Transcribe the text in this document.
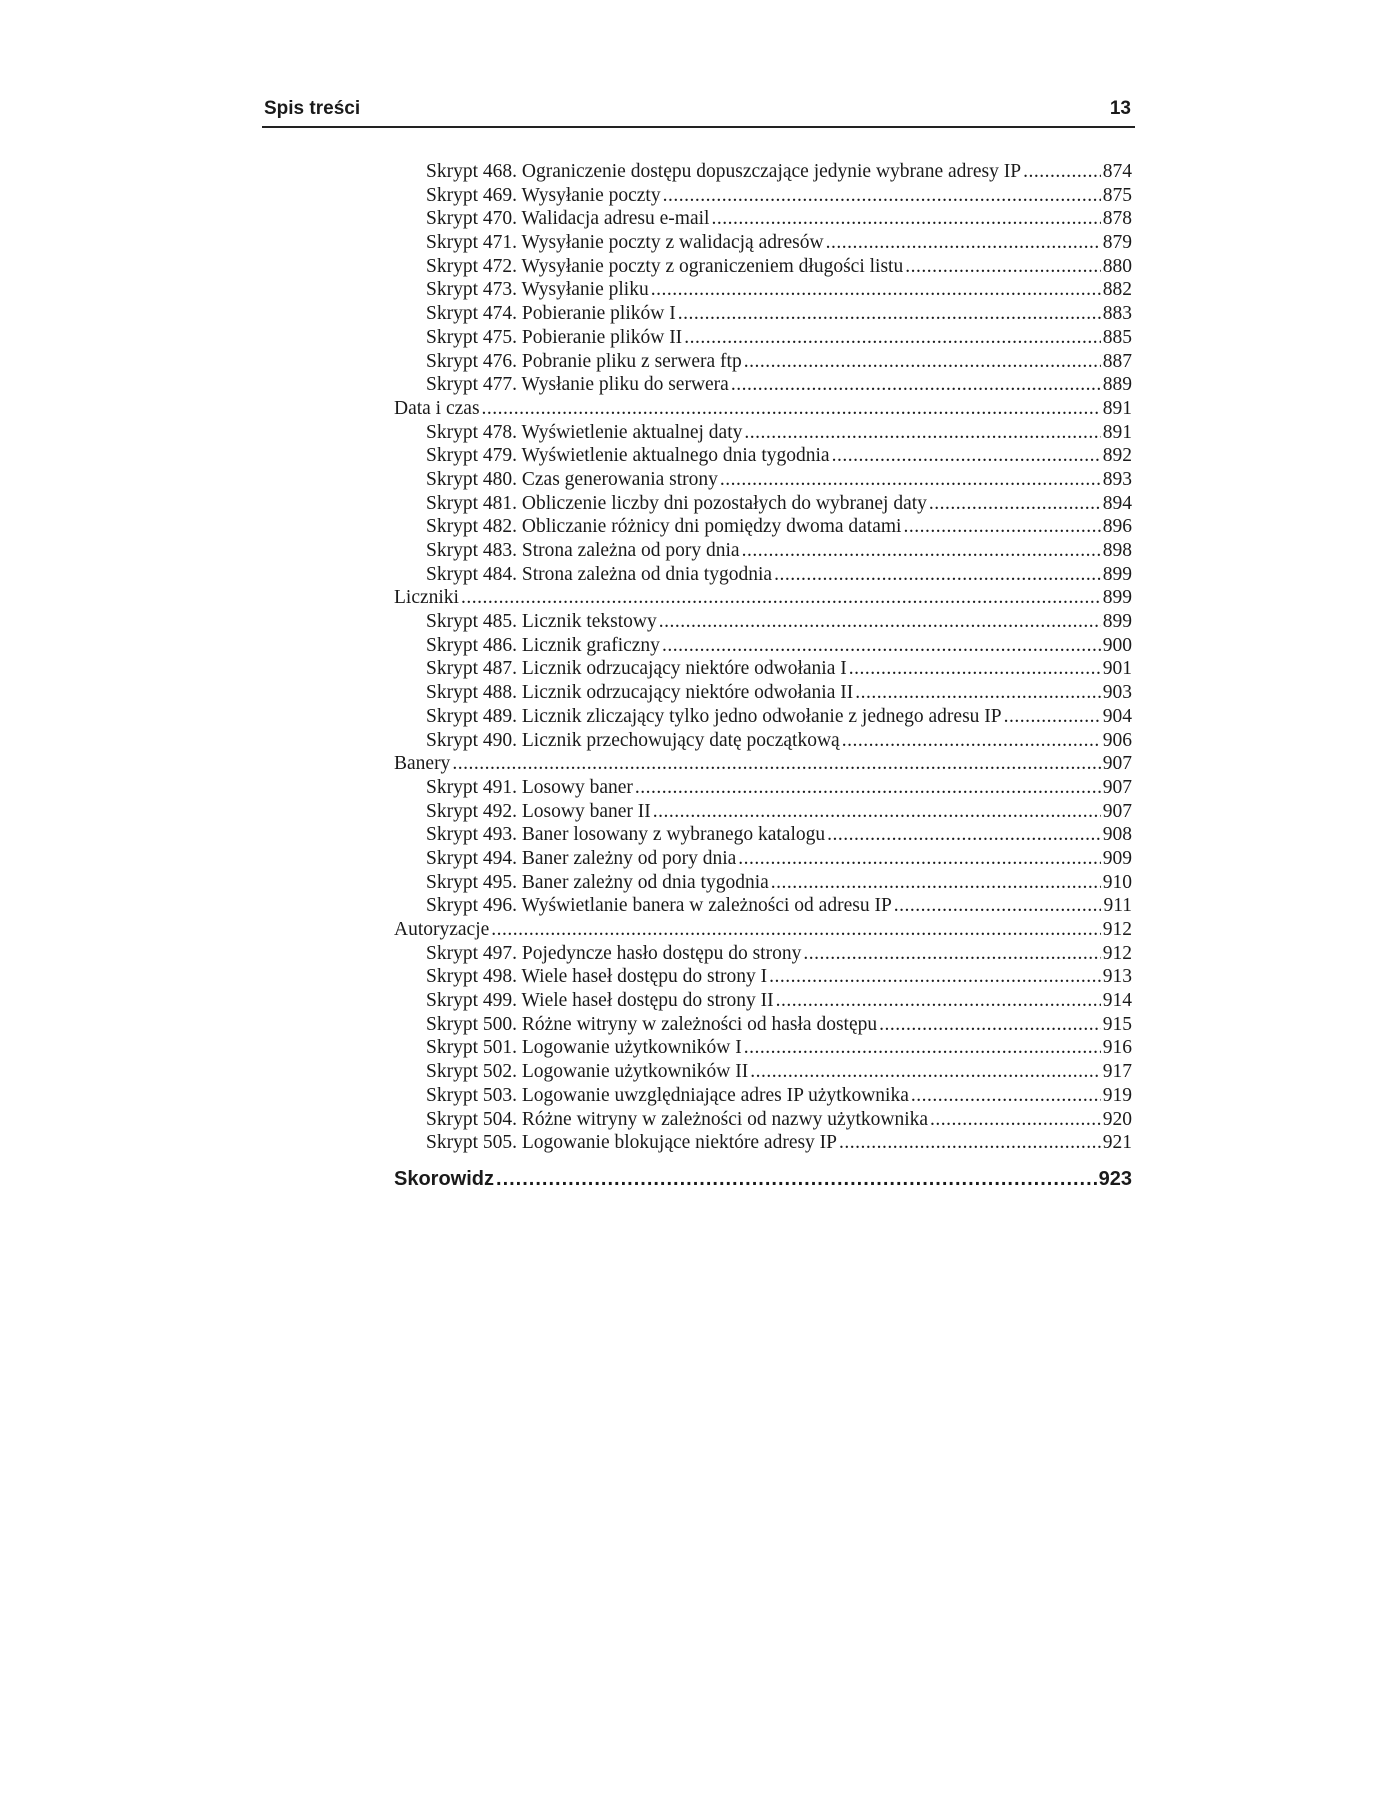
Spis treści	13
Skrypt 468. Ograniczenie dostępu dopuszczające jedynie wybrane adresy IP .....	874
Skrypt 469. Wysyłanie poczty .....	875
Skrypt 470. Walidacja adresu e-mail .....	878
Skrypt 471. Wysyłanie poczty z walidacją adresów .....	879
Skrypt 472. Wysyłanie poczty z ograniczeniem długości listu .....	880
Skrypt 473. Wysyłanie pliku .....	882
Skrypt 474. Pobieranie plików I .....	883
Skrypt 475. Pobieranie plików II .....	885
Skrypt 476. Pobranie pliku z serwera ftp .....	887
Skrypt 477. Wysłanie pliku do serwera .....	889
Data i czas .....	891
Skrypt 478. Wyświetlenie aktualnej daty .....	891
Skrypt 479. Wyświetlenie aktualnego dnia tygodnia .....	892
Skrypt 480. Czas generowania strony .....	893
Skrypt 481. Obliczenie liczby dni pozostałych do wybranej daty .....	894
Skrypt 482. Obliczanie różnicy dni pomiędzy dwoma datami .....	896
Skrypt 483. Strona zależna od pory dnia .....	898
Skrypt 484. Strona zależna od dnia tygodnia .....	899
Liczniki .....	899
Skrypt 485. Licznik tekstowy .....	899
Skrypt 486. Licznik graficzny .....	900
Skrypt 487. Licznik odrzucający niektóre odwołania I .....	901
Skrypt 488. Licznik odrzucający niektóre odwołania II .....	903
Skrypt 489. Licznik zliczający tylko jedno odwołanie z jednego adresu IP .....	904
Skrypt 490. Licznik przechowujący datę początkową .....	906
Banery .....	907
Skrypt 491. Losowy baner .....	907
Skrypt 492. Losowy baner II .....	907
Skrypt 493. Baner losowany z wybranego katalogu .....	908
Skrypt 494. Baner zależny od pory dnia .....	909
Skrypt 495. Baner zależny od dnia tygodnia .....	910
Skrypt 496. Wyświetlanie banera w zależności od adresu IP .....	911
Autoryzacje .....	912
Skrypt 497. Pojedyncze hasło dostępu do strony .....	912
Skrypt 498. Wiele haseł dostępu do strony I .....	913
Skrypt 499. Wiele haseł dostępu do strony II .....	914
Skrypt 500. Różne witryny w zależności od hasła dostępu .....	915
Skrypt 501. Logowanie użytkowników I .....	916
Skrypt 502. Logowanie użytkowników II .....	917
Skrypt 503. Logowanie uwzględniające adres IP użytkownika .....	919
Skrypt 504. Różne witryny w zależności od nazwy użytkownika .....	920
Skrypt 505. Logowanie blokujące niektóre adresy IP .....	921
Skorowidz .....	923
